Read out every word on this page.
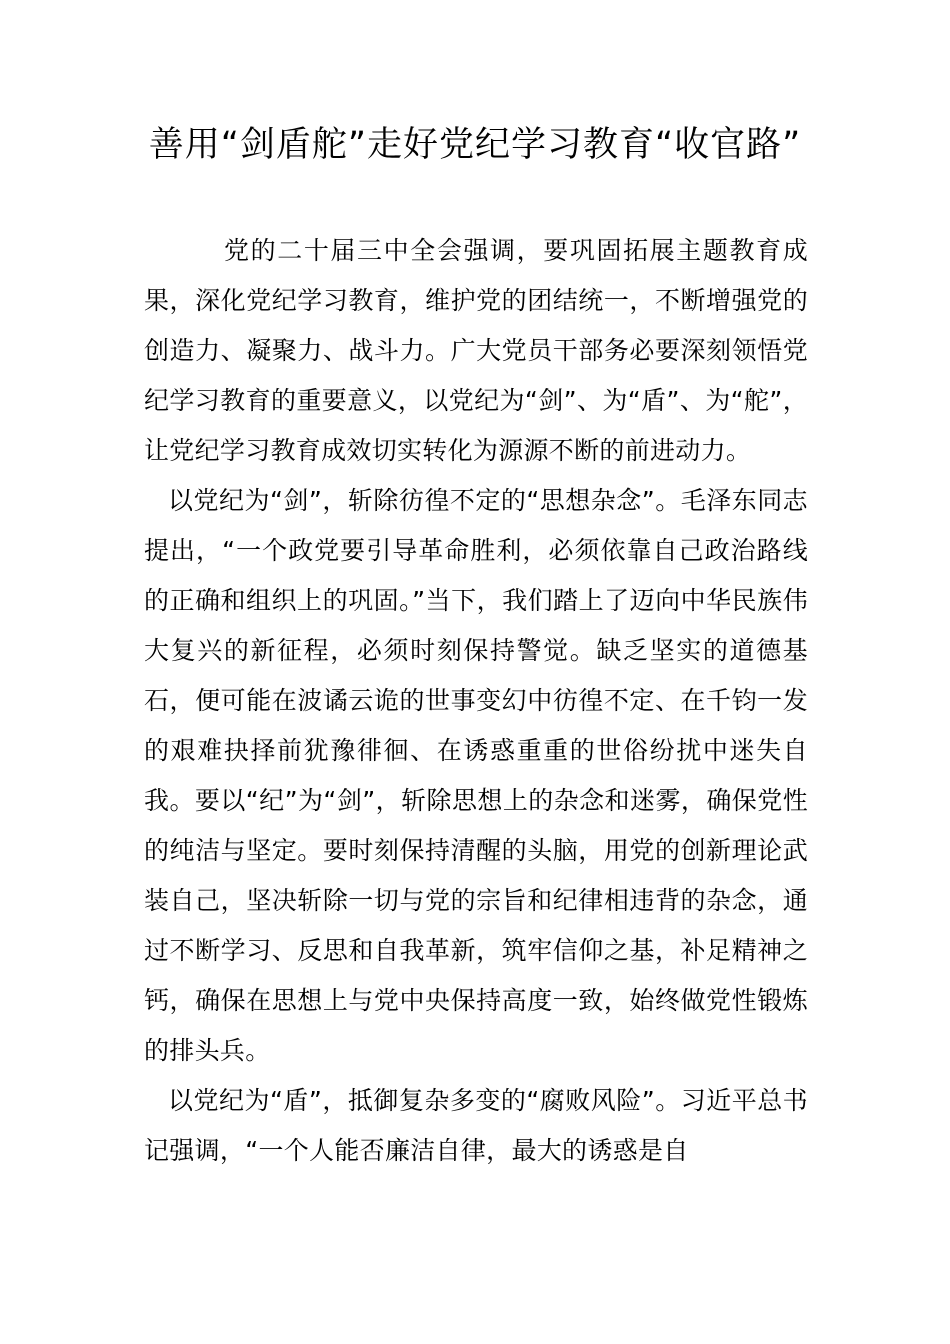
善用“剑盾舵”走好党纪学习教育“收官路”

党的二十届三中全会强调，要巩固拓展主题教育成果，深化党纪学习教育，维护党的团结统一，不断增强党的创造力、凝聚力、战斗力。广大党员干部务必要深刻领悟党纪学习教育的重要意义，以党纪为“剑”、为“盾”、为“舵”，让党纪学习教育成效切实转化为源源不断的前进动力。

以党纪为“剑”，斩除彷徨不定的“思想杂念”。毛泽东同志提出，“一个政党要引导革命胜利，必须依靠自己政治路线的正确和组织上的巩固。”当下，我们踏上了迈向中华民族伟大复兴的新征程，必须时刻保持警觉。缺乏坚实的道德基石，便可能在波谲云诡的世事变幻中彷徨不定、在千钧一发的艰难抉择前犹豫徘徊、在诱惑重重的世俗纷扰中迷失自我。要以“纪”为“剑”，斩除思想上的杂念和迷雾，确保党性的纯洁与坚定。要时刻保持清醒的头脑，用党的创新理论武装自己，坚决斩除一切与党的宗旨和纪律相违背的杂念，通过不断学习、反思和自我革新，筑牢信仰之基，补足精神之钙，确保在思想上与党中央保持高度一致，始终做党性锻炼的排头兵。

以党纪为“盾”，抵御复杂多变的“腐败风险”。习近平总书记强调，“一个人能否廉洁自律，最大的诱惑是自
